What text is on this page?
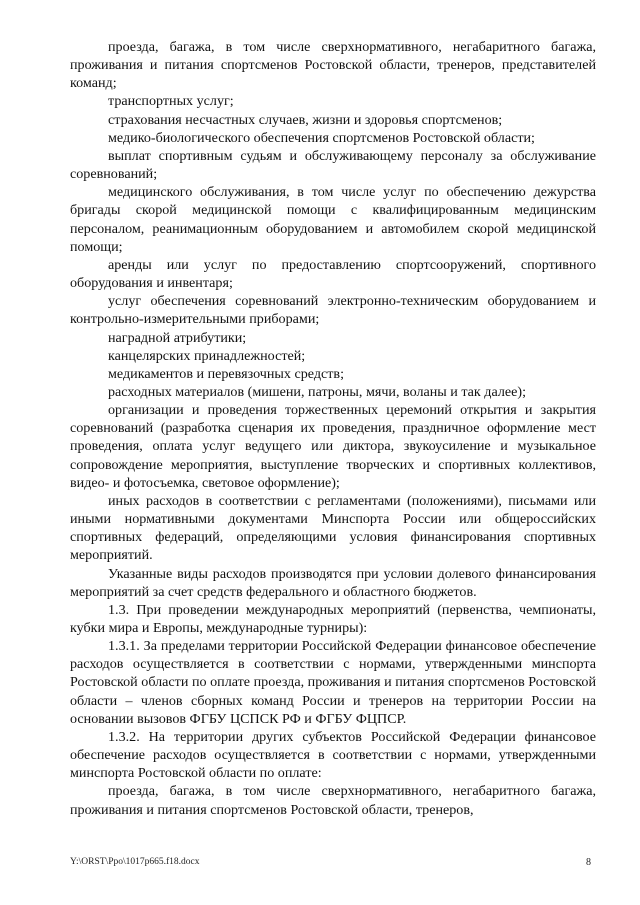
проезда, багажа, в том числе сверхнормативного, негабаритного багажа, проживания и питания спортсменов Ростовской области, тренеров, представителей команд;

транспортных услуг;

страхования несчастных случаев, жизни и здоровья спортсменов;

медико-биологического обеспечения спортсменов Ростовской области;

выплат спортивным судьям и обслуживающему персоналу за обслуживание соревнований;

медицинского обслуживания, в том числе услуг по обеспечению дежурства бригады скорой медицинской помощи с квалифицированным медицинским персоналом, реанимационным оборудованием и автомобилем скорой медицинской помощи;

аренды или услуг по предоставлению спортсооружений, спортивного оборудования и инвентаря;

услуг обеспечения соревнований электронно-техническим оборудованием и контрольно-измерительными приборами;

наградной атрибутики;

канцелярских принадлежностей;

медикаментов и перевязочных средств;

расходных материалов (мишени, патроны, мячи, воланы и так далее);

организации и проведения торжественных церемоний открытия и закрытия соревнований (разработка сценария их проведения, праздничное оформление мест проведения, оплата услуг ведущего или диктора, звукоусиление и музыкальное сопровождение мероприятия, выступление творческих и спортивных коллективов, видео- и фотосъемка, световое оформление);

иных расходов в соответствии с регламентами (положениями), письмами или иными нормативными документами Минспорта России или общероссийских спортивных федераций, определяющими условия финансирования спортивных мероприятий.

Указанные виды расходов производятся при условии долевого финансирования мероприятий за счет средств федерального и областного бюджетов.

1.3. При проведении международных мероприятий (первенства, чемпионаты, кубки мира и Европы, международные турниры):

1.3.1. За пределами территории Российской Федерации финансовое обеспечение расходов осуществляется в соответствии с нормами, утвержденными минспорта Ростовской области по оплате проезда, проживания и питания спортсменов Ростовской области – членов сборных команд России и тренеров на территории России на основании вызовов ФГБУ ЦСПСК РФ и ФГБУ ФЦПСР.

1.3.2. На территории других субъектов Российской Федерации финансовое обеспечение расходов осуществляется в соответствии с нормами, утвержденными минспорта Ростовской области по оплате:

проезда, багажа, в том числе сверхнормативного, негабаритного багажа, проживания и питания спортсменов Ростовской области, тренеров,

Y:\ORST\Ppo\1017p665.f18.docx	8
